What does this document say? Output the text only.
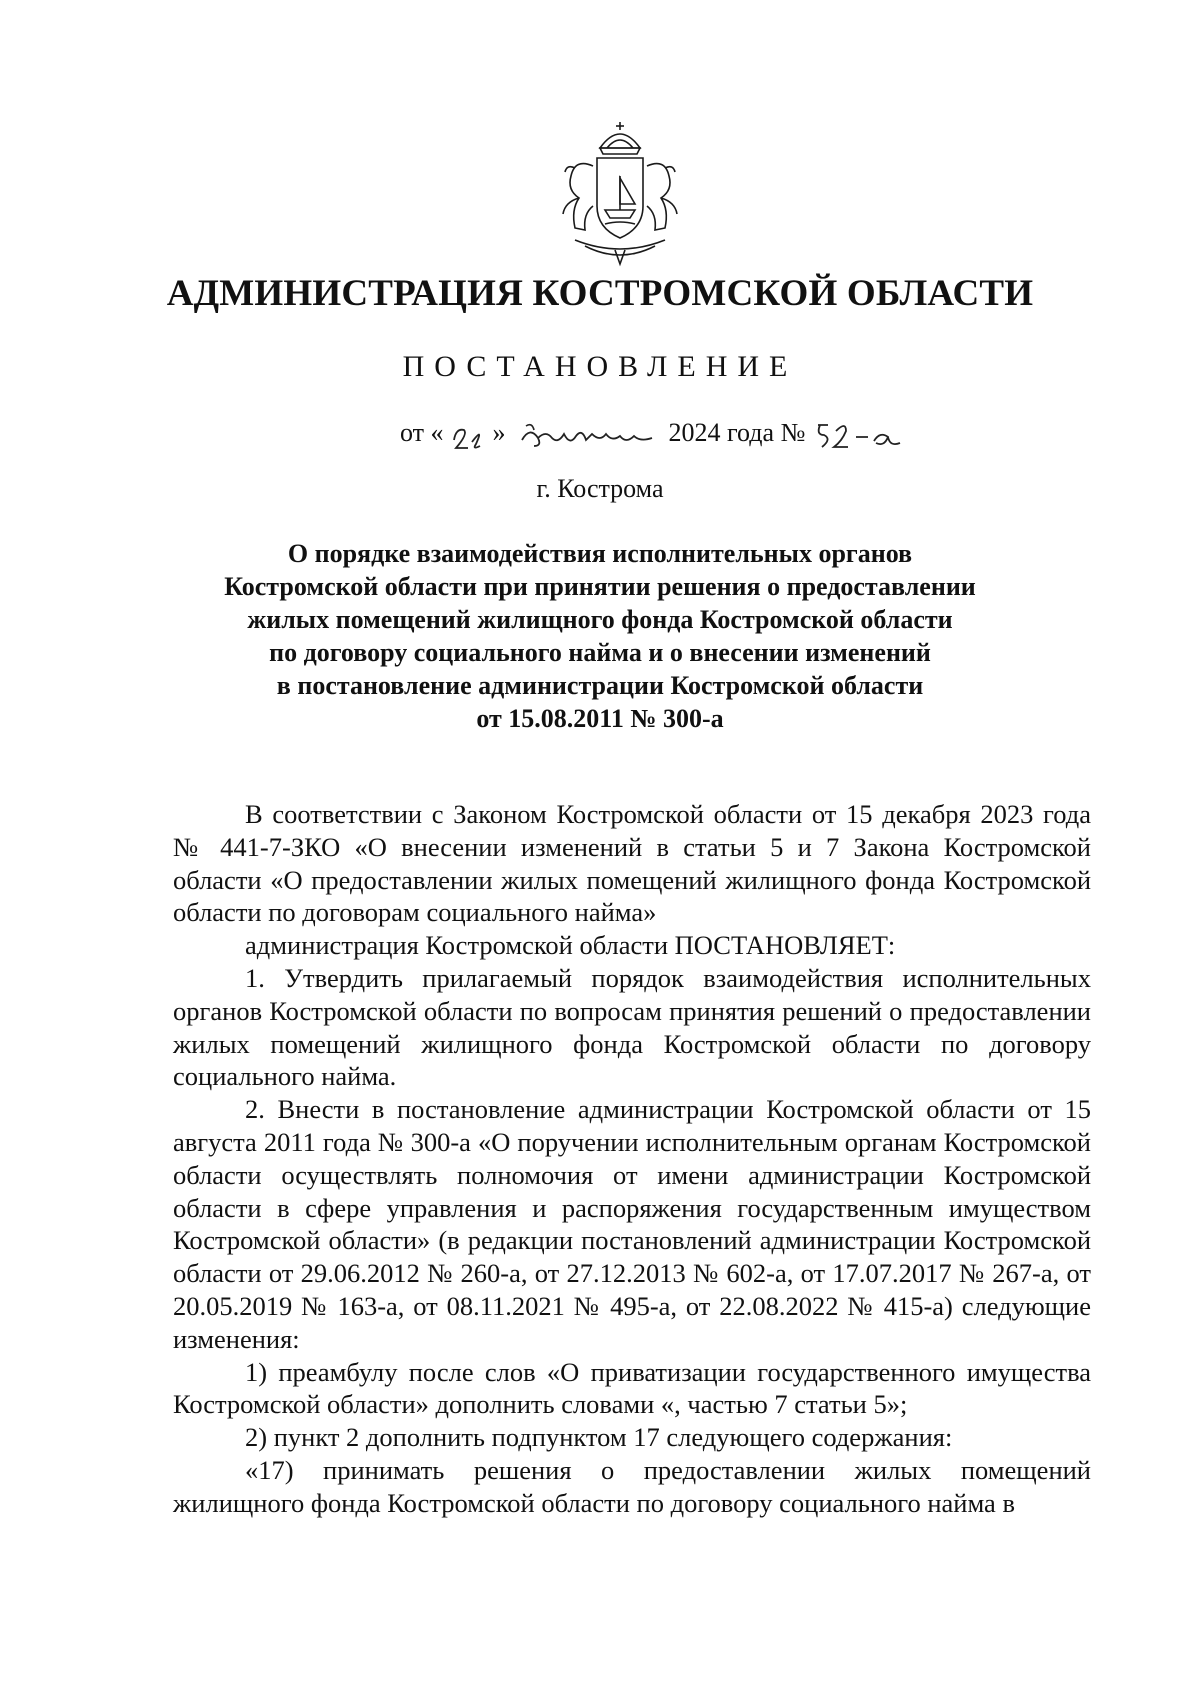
АДМИНИСТРАЦИЯ КОСТРОМСКОЙ ОБЛАСТИ
ПОСТАНОВЛЕНИЕ
от « »	2024 года №
г. Кострома
О порядке взаимодействия исполнительных органов
Костромской области при принятии решения о предоставлении
жилых помещений жилищного фонда Костромской области
по договору социального найма и о внесении изменений
в постановление администрации Костромской области
от 15.08.2011 № 300-а

В соответствии с Законом Костромской области от 15 декабря 2023 года № 441-7-ЗКО «О внесении изменений в статьи 5 и 7 Закона Костромской области «О предоставлении жилых помещений жилищного фонда Костромской области по договорам социального найма»

администрация Костромской области ПОСТАНОВЛЯЕТ:

1. Утвердить прилагаемый порядок взаимодействия исполнительных органов Костромской области по вопросам принятия решений о предоставлении жилых помещений жилищного фонда Костромской области по договору социального найма.

2. Внести в постановление администрации Костромской области от 15 августа 2011 года № 300-а «О поручении исполнительным органам Костромской области осуществлять полномочия от имени администрации Костромской области в сфере управления и распоряжения государственным имуществом Костромской области» (в редакции постановлений администрации Костромской области от 29.06.2012 № 260-а, от 27.12.2013 № 602-а, от 17.07.2017 № 267-а, от 20.05.2019 № 163-а, от 08.11.2021 № 495-а, от 22.08.2022 № 415-а) следующие изменения:

1) преамбулу после слов «О приватизации государственного имущества Костромской области» дополнить словами «, частью 7 статьи 5»;

2) пункт 2 дополнить подпунктом 17 следующего содержания:

«17) принимать решения о предоставлении жилых помещений жилищного фонда Костромской области по договору социального найма в
